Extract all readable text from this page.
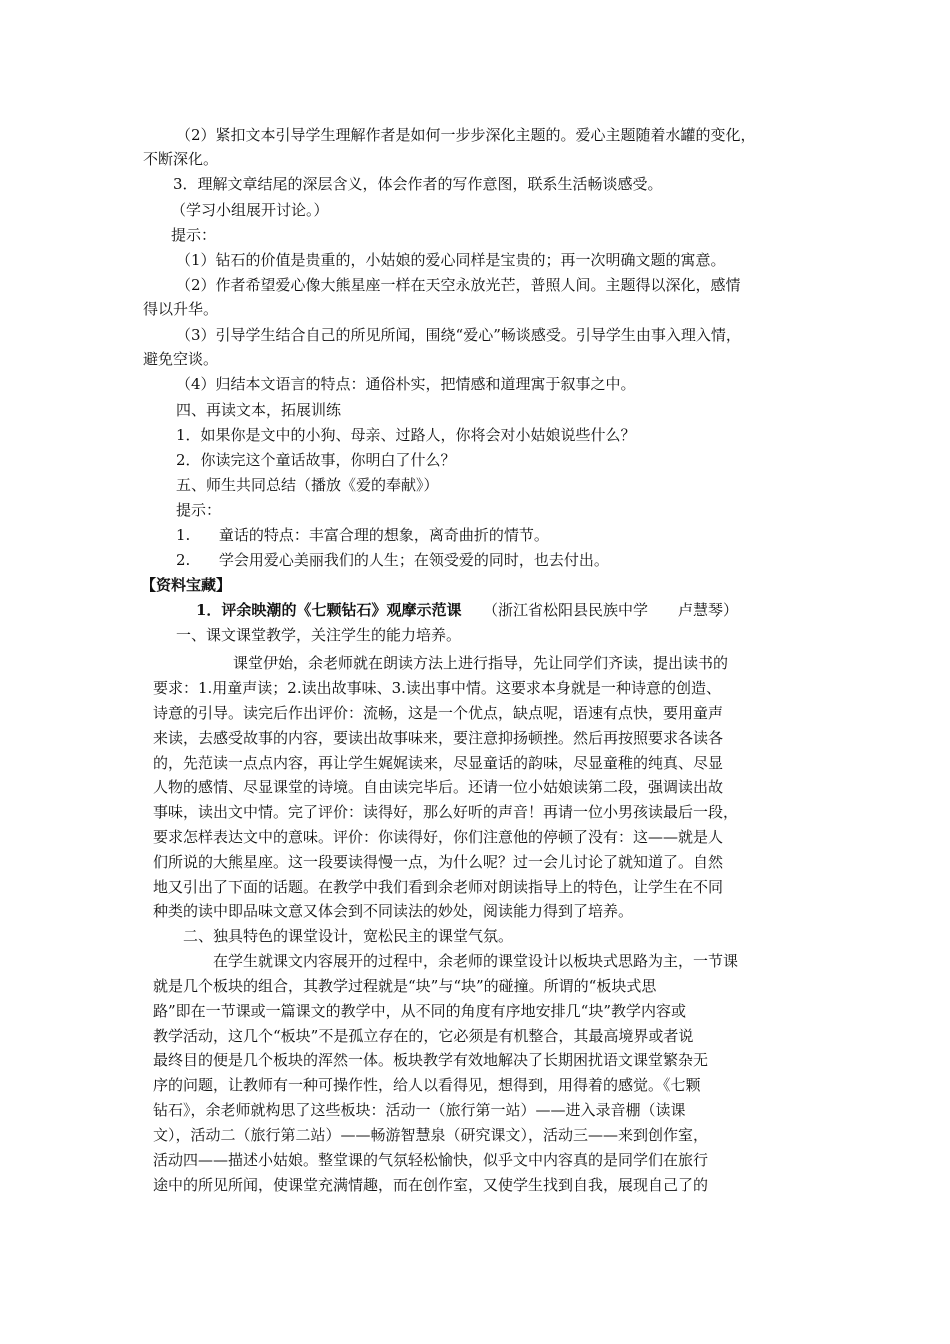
（2）紧扣文本引导学生理解作者是如何一步步深化主题的。爱心主题随着水罐的变化，
不断深化。
3．理解文章结尾的深层含义，体会作者的写作意图，联系生活畅谈感受。
（学习小组展开讨论。）
提示：
（1）钻石的价值是贵重的，小姑娘的爱心同样是宝贵的；再一次明确文题的寓意。
（2）作者希望爱心像大熊星座一样在天空永放光芒，普照人间。主题得以深化，感情
得以升华。
（3）引导学生结合自己的所见所闻，围绕“爱心”畅谈感受。引导学生由事入理入情，
避免空谈。
（4）归结本文语言的特点：通俗朴实，把情感和道理寓于叙事之中。
四、再读文本，拓展训练
1．如果你是文中的小狗、母亲、过路人，你将会对小姑娘说些什么？
2．你读完这个童话故事，你明白了什么？
五、师生共同总结（播放《爱的奉献》）
提示：
1.      童话的特点：丰富合理的想象，离奇曲折的情节。
2.      学会用爱心美丽我们的人生；在领受爱的同时，也去付出。
【资料宝藏】
1．评余映潮的《七颗钻石》观摩示范课 （浙江省松阳县民族中学　　卢慧琴）
一、课文课堂教学，关注学生的能力培养。
课堂伊始，余老师就在朗读方法上进行指导，先让同学们齐读，提出读书的
要求：1.用童声读；2.读出故事味、3.读出事中情。这要求本身就是一种诗意的创造、
诗意的引导。读完后作出评价：流畅，这是一个优点，缺点呢，语速有点快，要用童声
来读，去感受故事的内容，要读出故事味来，要注意抑扬顿挫。然后再按照要求各读各
的，先范读一点点内容，再让学生娓娓读来，尽显童话的韵味，尽显童稚的纯真、尽显
人物的感情、尽显课堂的诗境。自由读完毕后。还请一位小姑娘读第二段，强调读出故
事味，读出文中情。完了评价：读得好，那么好听的声音！再请一位小男孩读最后一段，
要求怎样表达文中的意味。评价：你读得好，你们注意他的停顿了没有：这——就是人
们所说的大熊星座。这一段要读得慢一点，为什么呢？过一会儿讨论了就知道了。自然
地又引出了下面的话题。在教学中我们看到余老师对朗读指导上的特色，让学生在不同
种类的读中即品味文意又体会到不同读法的妙处，阅读能力得到了培养。
二、独具特色的课堂设计，宽松民主的课堂气氛。
在学生就课文内容展开的过程中，余老师的课堂设计以板块式思路为主，一节课
就是几个板块的组合，其教学过程就是“块”与“块”的碰撞。所谓的“板块式思
路”即在一节课或一篇课文的教学中，从不同的角度有序地安排几“块”教学内容或
教学活动，这几个“板块”不是孤立存在的，它必须是有机整合，其最高境界或者说
最终目的便是几个板块的浑然一体。板块教学有效地解决了长期困扰语文课堂繁杂无
序的问题，让教师有一种可操作性，给人以看得见，想得到，用得着的感觉。《七颗
钻石》，余老师就构思了这些板块：活动一（旅行第一站）——进入录音棚（读课
文），活动二（旅行第二站）——畅游智慧泉（研究课文），活动三——来到创作室，
活动四——描述小姑娘。整堂课的气氛轻松愉快，似乎文中内容真的是同学们在旅行
途中的所见所闻，使课堂充满情趣，而在创作室，又使学生找到自我，展现自己了的
